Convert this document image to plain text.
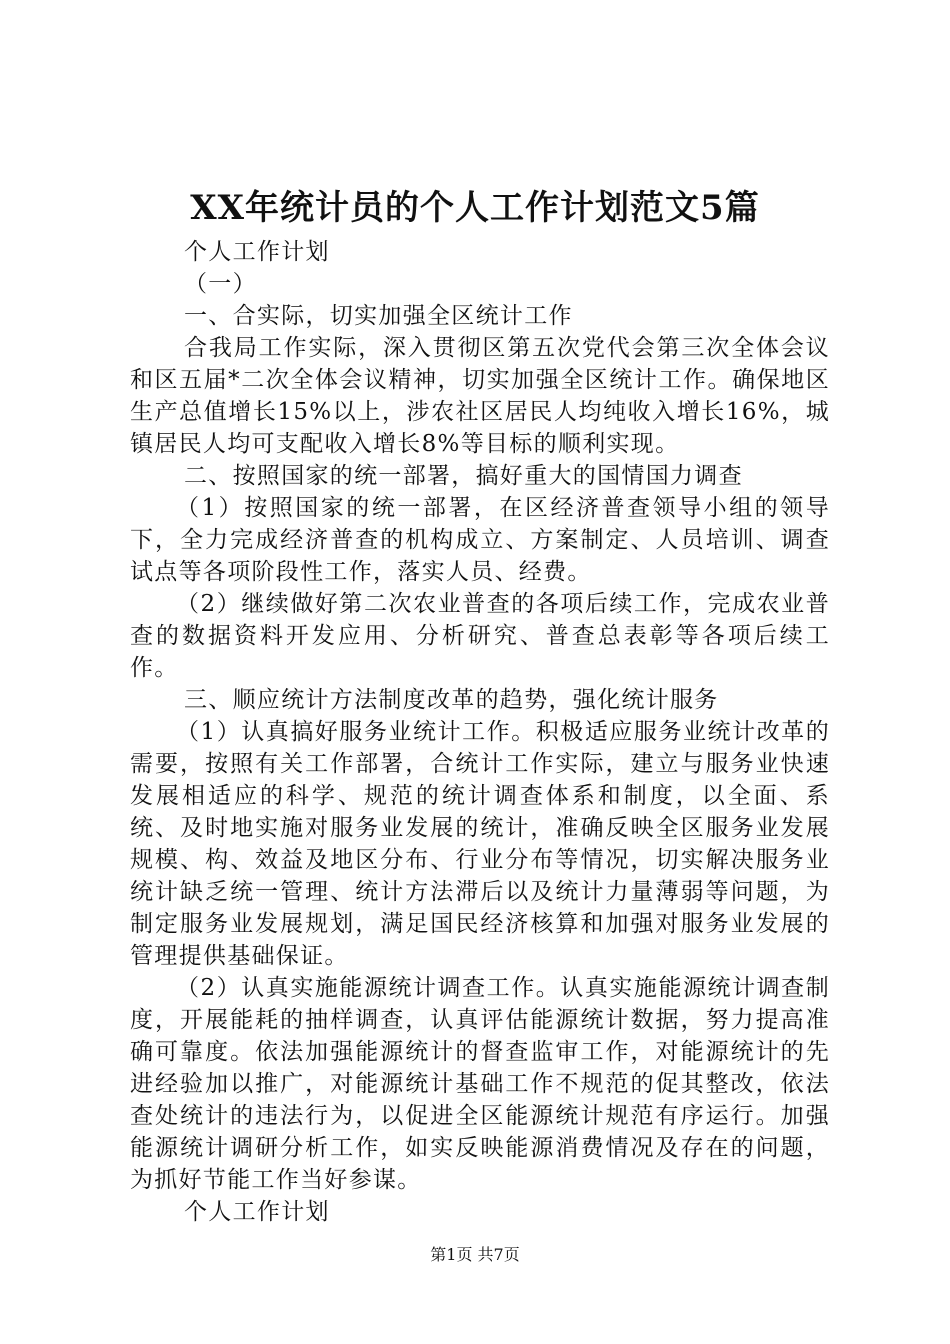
XX年统计员的个人工作计划范文5篇

个人工作计划

（一）

一、合实际，切实加强全区统计工作

合我局工作实际，深入贯彻区第五次党代会第三次全体会议和区五届*二次全体会议精神，切实加强全区统计工作。确保地区生产总值增长15%以上，涉农社区居民人均纯收入增长16%，城镇居民人均可支配收入增长8%等目标的顺利实现。

二、按照国家的统一部署，搞好重大的国情国力调查

（1）按照国家的统一部署，在区经济普查领导小组的领导下，全力完成经济普查的机构成立、方案制定、人员培训、调查试点等各项阶段性工作，落实人员、经费。

（2）继续做好第二次农业普查的各项后续工作，完成农业普查的数据资料开发应用、分析研究、普查总表彰等各项后续工作。

三、顺应统计方法制度改革的趋势，强化统计服务

（1）认真搞好服务业统计工作。积极适应服务业统计改革的需要，按照有关工作部署，合统计工作实际，建立与服务业快速发展相适应的科学、规范的统计调查体系和制度，以全面、系统、及时地实施对服务业发展的统计，准确反映全区服务业发展规模、构、效益及地区分布、行业分布等情况，切实解决服务业统计缺乏统一管理、统计方法滞后以及统计力量薄弱等问题，为制定服务业发展规划，满足国民经济核算和加强对服务业发展的管理提供基础保证。

（2）认真实施能源统计调查工作。认真实施能源统计调查制度，开展能耗的抽样调查，认真评估能源统计数据，努力提高准确可靠度。依法加强能源统计的督查监审工作，对能源统计的先进经验加以推广，对能源统计基础工作不规范的促其整改，依法查处统计的违法行为，以促进全区能源统计规范有序运行。加强能源统计调研分析工作，如实反映能源消费情况及存在的问题，为抓好节能工作当好参谋。

个人工作计划

第1页 共7页
